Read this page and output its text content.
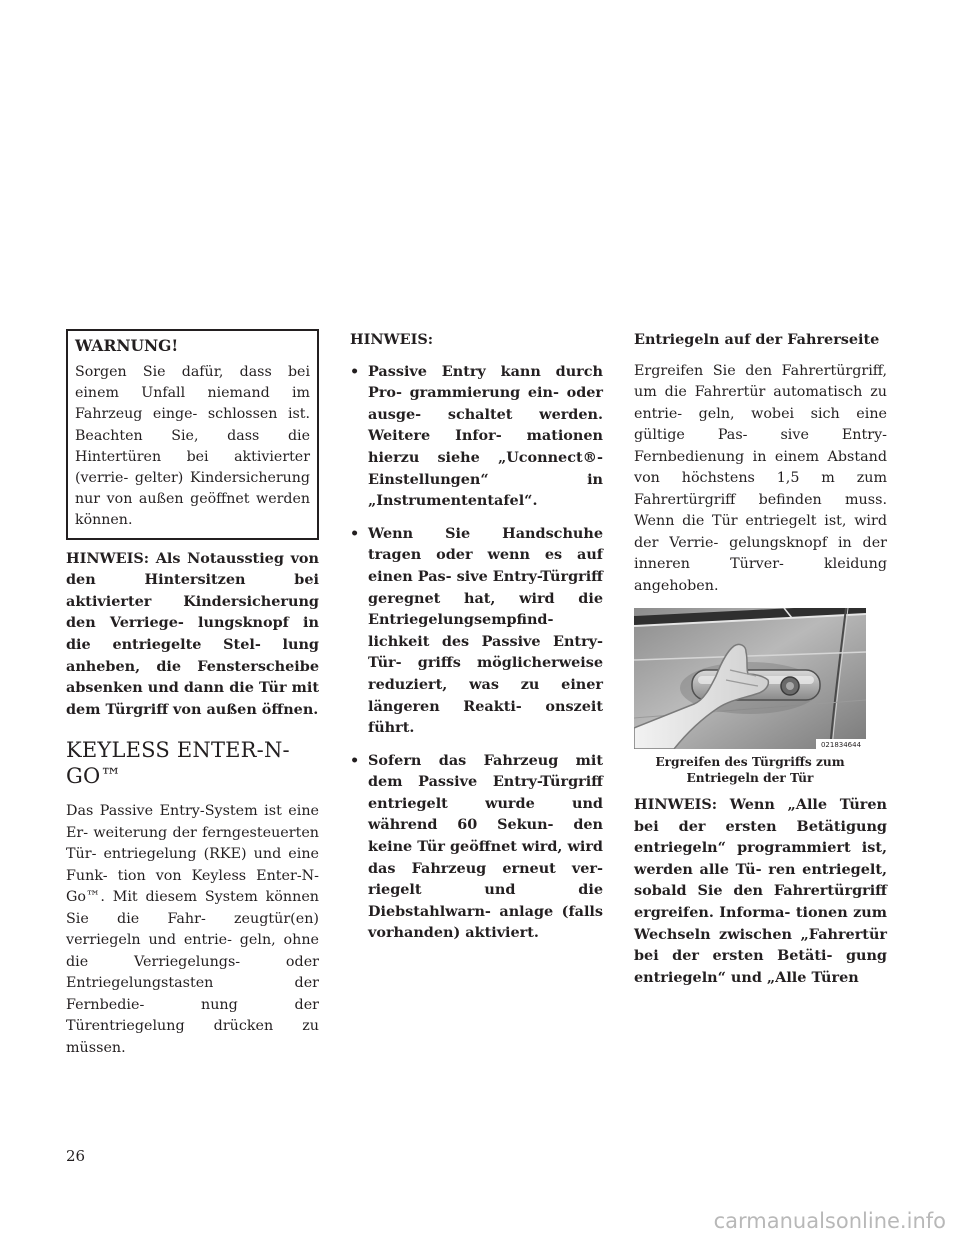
WARNUNG!
Sorgen Sie dafür, dass bei einem Unfall niemand im Fahrzeug einge- schlossen ist. Beachten Sie, dass die Hintertüren bei aktivierter (verrie- gelter) Kindersicherung nur von außen geöffnet werden können.

HINWEIS: Als Notausstieg von den Hintersitzen bei aktivierter Kindersicherung den Verriege- lungsknopf in die entriegelte Stel- lung anheben, die Fensterscheibe absenken und dann die Tür mit dem Türgriff von außen öffnen.

KEYLESS ENTER-N-GO™

Das Passive Entry-System ist eine Er- weiterung der ferngesteuerten Tür- entriegelung (RKE) und eine Funk- tion von Keyless Enter-N-Go™. Mit diesem System können Sie die Fahr- zeugtür(en) verriegeln und entrie- geln, ohne die Verriegelungs- oder Entriegelungstasten der Fernbedie- nung der Türentriegelung drücken zu müssen.

HINWEIS:
• Passive Entry kann durch Pro- grammierung ein- oder ausge- schaltet werden. Weitere Infor- mationen hierzu siehe „Uconnect®-Einstellungen“ in „Instrumententafel“.
• Wenn Sie Handschuhe tragen oder wenn es auf einen Pas- sive Entry-Türgriff geregnet hat, wird die Entriegelungsempfind- lichkeit des Passive Entry-Tür- griffs möglicherweise reduziert, was zu einer längeren Reakti- onszeit führt.
• Sofern das Fahrzeug mit dem Passive Entry-Türgriff entriegelt wurde und während 60 Sekun- den keine Tür geöffnet wird, wird das Fahrzeug erneut ver- riegelt und die Diebstahlwarn- anlage (falls vorhanden) aktiviert.
Entriegeln auf der Fahrerseite

Ergreifen Sie den Fahrertürgriff, um die Fahrertür automatisch zu entrie- geln, wobei sich eine gültige Pas- sive Entry-Fernbedienung in einem Abstand von höchstens 1,5 m zum Fahrertürgriff befinden muss. Wenn die Tür entriegelt ist, wird der Verrie- gelungsknopf in der inneren Türver- kleidung angehoben.

021834644
Ergreifen des Türgriffs zum
Entriegeln der Tür

HINWEIS: Wenn „Alle Türen bei der ersten Betätigung entriegeln“ programmiert ist, werden alle Tü- ren entriegelt, sobald Sie den Fahrertürgriff ergreifen. Informa- tionen zum Wechseln zwischen „Fahrertür bei der ersten Betäti- gung entriegeln“ und „Alle Türen

26
carmanualsonline.info
